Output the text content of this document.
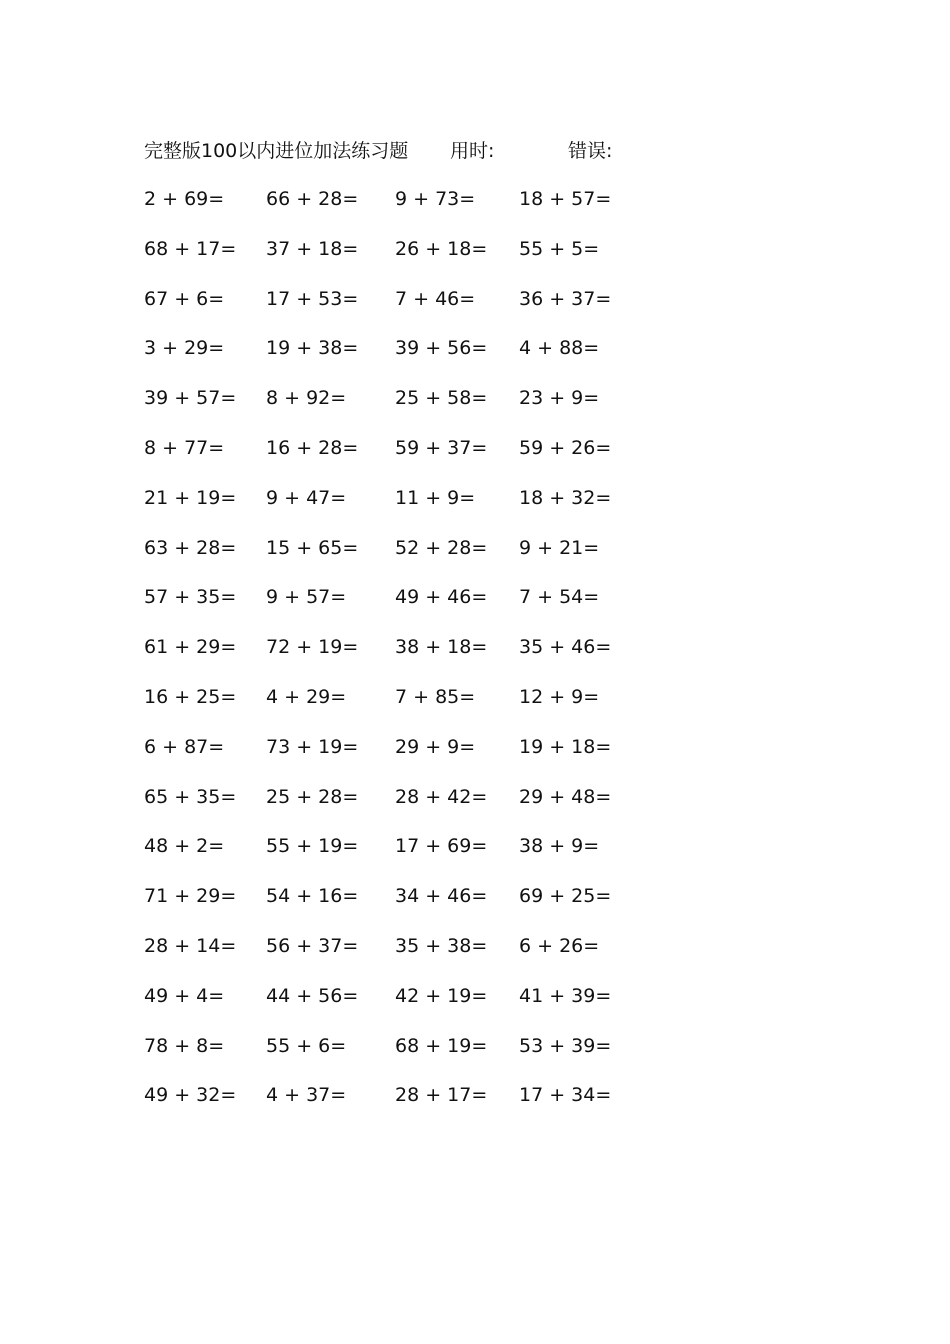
完整版100以内进位加法练习题 用时:	错误:
2 + 69= 66 + 28= 9 + 73= 18 + 57=
68 + 17= 37 + 18= 26 + 18= 55 + 5=
67 + 6= 17 + 53= 7 + 46= 36 + 37=
3 + 29= 19 + 38= 39 + 56= 4 + 88=
39 + 57= 8 + 92=	25 + 58= 23 + 9=
8 + 77= 16 + 28= 59 + 37= 59 + 26=
21 + 19= 9 + 47=	11 + 9= 18 + 32=
63 + 28= 15 + 65= 52 + 28= 9 + 21=
57 + 35= 9 + 57=	49 + 46= 7 + 54=
61 + 29= 72 + 19= 38 + 18= 35 + 46=
16 + 25= 4 + 29=	7 + 85= 12 + 9=
6 + 87= 73 + 19= 29 + 9= 19 + 18=
65 + 35= 25 + 28= 28 + 42= 29 + 48=
48 + 2= 55 + 19= 17 + 69= 38 + 9=
71 + 29= 54 + 16= 34 + 46= 69 + 25=
28 + 14= 56 + 37= 35 + 38= 6 + 26=
49 + 4= 44 + 56= 42 + 19= 41 + 39=
78 + 8= 55 + 6=	68 + 19= 53 + 39=
49 + 32= 4 + 37=	28 + 17= 17 + 34=
